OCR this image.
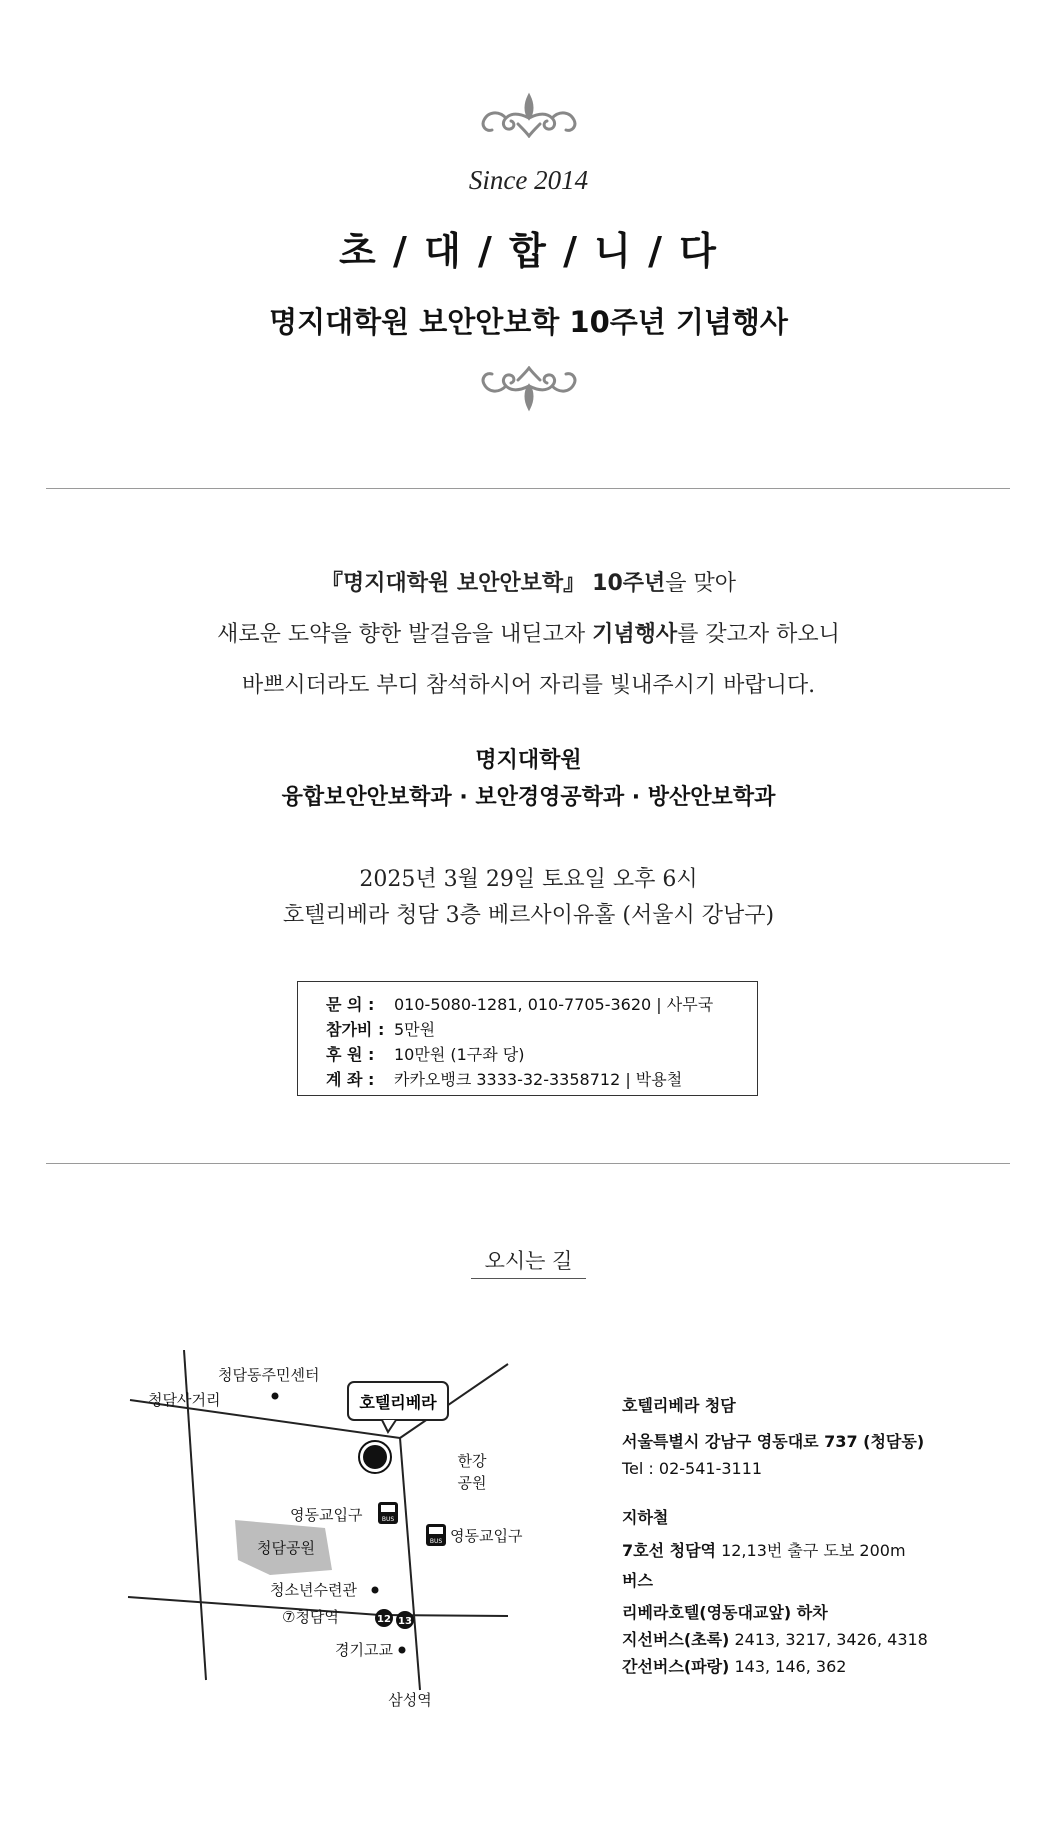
Since 2014
초 / 대 / 합 / 니 / 다
명지대학원 보안안보학 10주년 기념행사
『명지대학원 보안안보학』 10주년을 맞아
새로운 도약을 향한 발걸음을 내딛고자 기념행사를 갖고자 하오니
바쁘시더라도 부디 참석하시어 자리를 빛내주시기 바랍니다.
명지대학원
융합보안안보학과 · 보안경영공학과 · 방산안보학과
2025년 3월 29일 토요일 오후 6시
호텔리베라 청담 3층 베르사이유홀 (서울시 강남구)
문 의 :	010-5080-1281, 010-7705-3620 | 사무국
참가비 : 5만원
후 원 :	10만원 (1구좌 당)
계 좌 :	카카오뱅크 3333-32-3358712 | 박용철
오시는 길
호텔리베라
청담동주민센터
청담사거리
한강
공원
영동교입구
영동교입구
청담공원
청소년수련관
⑦청담역
경기고교
삼성역
BUS
BUS
12 13
호텔리베라 청담
서울특별시 강남구 영동대로 737 (청담동)
Tel : 02-541-3111
지하철
7호선 청담역 12,13번 출구 도보 200m
버스
리베라호텔(영동대교앞) 하차
지선버스(초록) 2413, 3217, 3426, 4318
간선버스(파랑) 143, 146, 362
